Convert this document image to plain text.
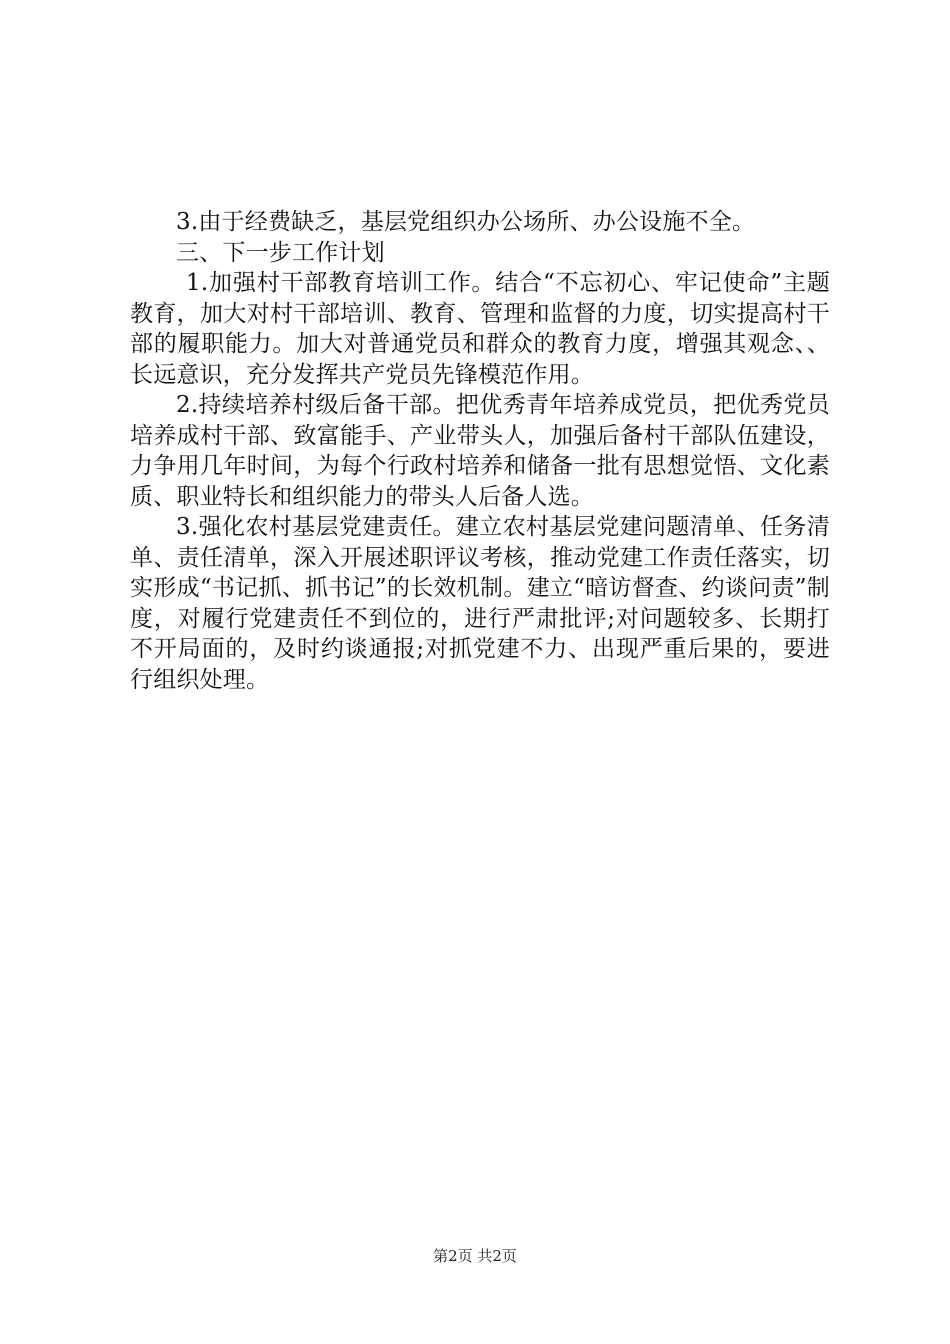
3.由于经费缺乏，基层党组织办公场所、办公设施不全。

三、下一步工作计划

1.加强村干部教育培训工作。结合“不忘初心、牢记使命”主题教育，加大对村干部培训、教育、管理和监督的力度，切实提高村干部的履职能力。加大对普通党员和群众的教育力度，增强其观念、、长远意识，充分发挥共产党员先锋模范作用。

2.持续培养村级后备干部。把优秀青年培养成党员，把优秀党员培养成村干部、致富能手、产业带头人，加强后备村干部队伍建设，力争用几年时间，为每个行政村培养和储备一批有思想觉悟、文化素质、职业特长和组织能力的带头人后备人选。

3.强化农村基层党建责任。建立农村基层党建问题清单、任务清单、责任清单，深入开展述职评议考核，推动党建工作责任落实，切实形成“书记抓、抓书记”的长效机制。建立“暗访督查、约谈问责”制度，对履行党建责任不到位的，进行严肃批评;对问题较多、长期打不开局面的，及时约谈通报;对抓党建不力、出现严重后果的，要进行组织处理。

第2页 共2页
